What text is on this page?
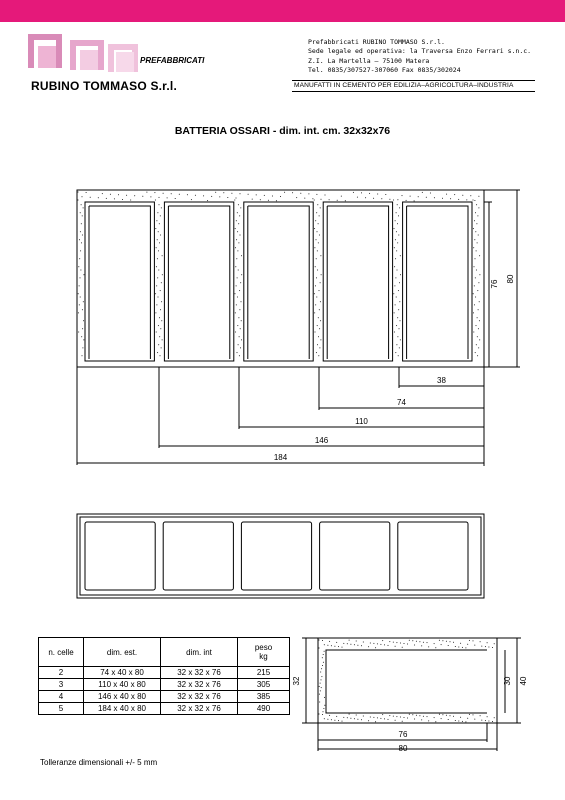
PREFABBRICATI
RUBINO TOMMASO S.r.l.
Prefabbricati RUBINO TOMMASO S.r.l.
Sede legale ed operativa: la Traversa Enzo Ferrari s.n.c.
Z.I. La Martella — 75100 Matera
Tel. 0835/307527-307060 Fax 0835/302024
MANUFATTI IN CEMENTO PER EDILIZIA–AGRICOLTURA–INDUSTRIA
BATTERIA OSSARI - dim. int. cm. 32x32x76
76
80
38
74
110
146
184
32	30 40
76
80
n. celle	dim. est.	dim. int	peso
kg
2	74 x 40 x 80	32 x 32 x 76	215
3	110 x 40 x 80	32 x 32 x 76	305
4	146 x 40 x 80	32 x 32 x 76	385
5	184 x 40 x 80	32 x 32 x 76	490
Tolleranze dimensionali +/- 5 mm
